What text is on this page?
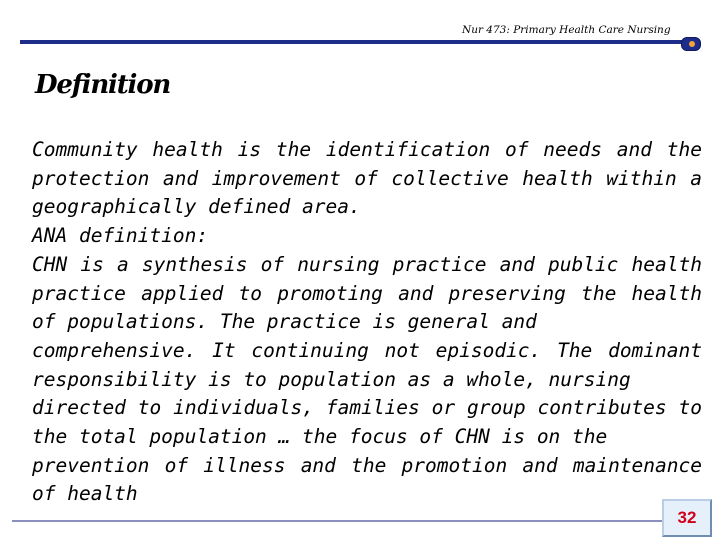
Nur 473: Primary Health Care Nursing
Definition

Community health is the identification of needs and the
protection and improvement of collective health within a
geographically defined area.
ANA definition:
CHN is a synthesis of nursing practice and public health
practice applied to promoting and preserving the health
of populations. The practice is general and
comprehensive. It continuing not episodic. The dominant
responsibility is to population as a whole, nursing
directed to individuals, families or group contributes to
the total population … the focus of CHN is on the
prevention of illness and the promotion and maintenance
of health

32
